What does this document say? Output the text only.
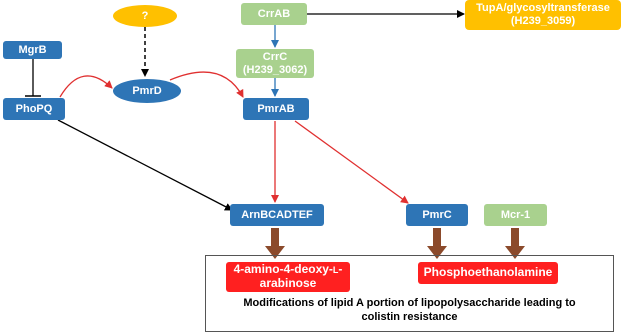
?	CrrAB	TupA/glycosyltransferase
(H239_3059)
MgrB
CrrC
(H239_3062)
PmrD
PhoPQ	PmrAB
ArnBCADTEF	PmrC	Mcr-1
4-amino-4-deoxy-L-
arabinose
Phosphoethanolamine
Modifications of lipid A portion of lipopolysaccharide leading to
colistin resistance
